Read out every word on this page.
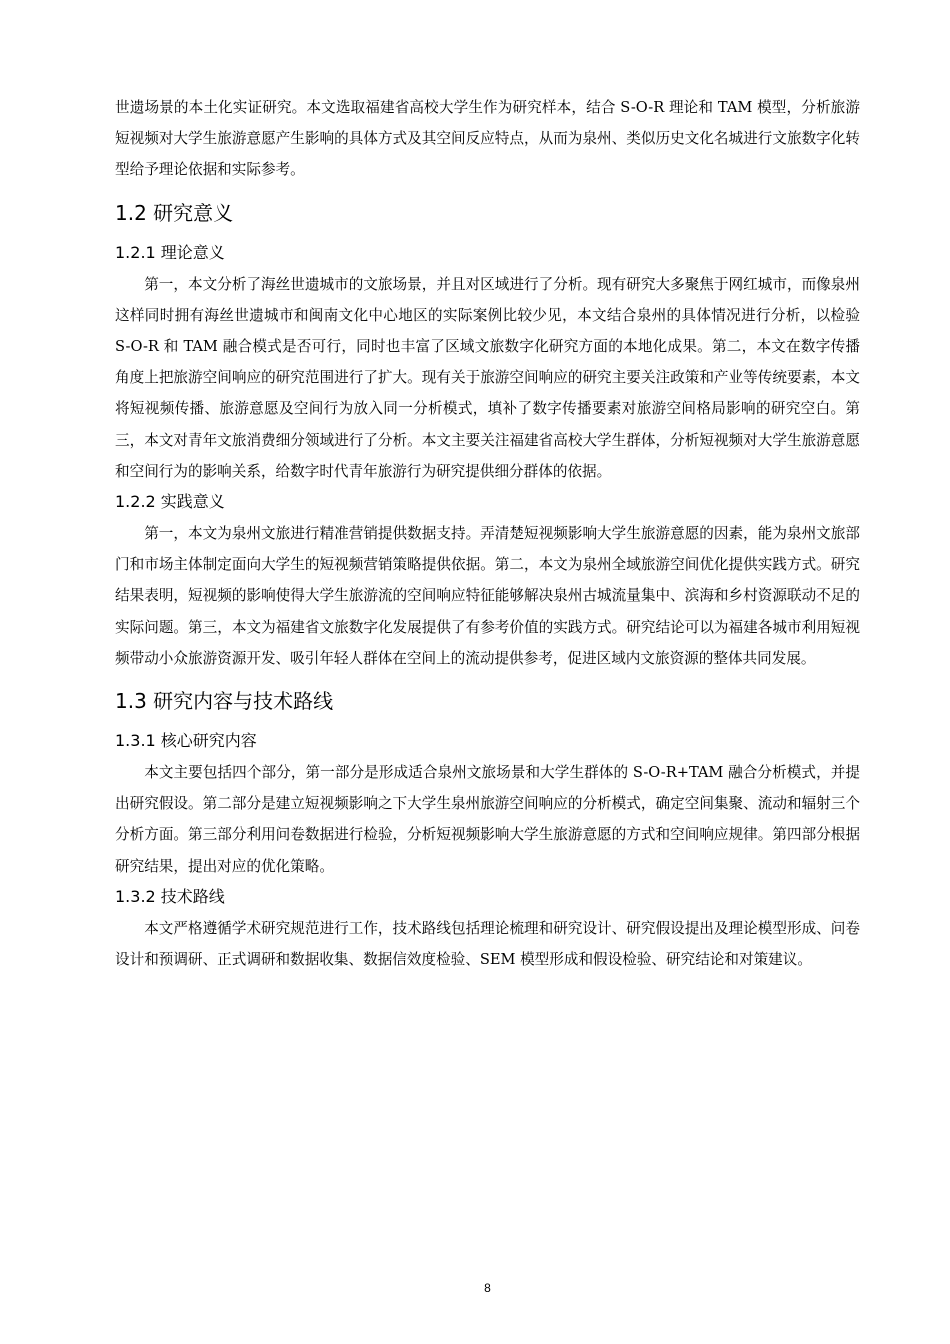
世遗场景的本土化实证研究。本文选取福建省高校大学生作为研究样本，结合 S-O-R 理论和 TAM 模型，分析旅游短视频对大学生旅游意愿产生影响的具体方式及其空间反应特点，从而为泉州、类似历史文化名城进行文旅数字化转型给予理论依据和实际参考。

1.2 研究意义
1.2.1 理论意义

第一，本文分析了海丝世遗城市的文旅场景，并且对区域进行了分析。现有研究大多聚焦于网红城市，而像泉州这样同时拥有海丝世遗城市和闽南文化中心地区的实际案例比较少见，本文结合泉州的具体情况进行分析，以检验 S-O-R 和 TAM 融合模式是否可行，同时也丰富了区域文旅数字化研究方面的本地化成果。第二，本文在数字传播角度上把旅游空间响应的研究范围进行了扩大。现有关于旅游空间响应的研究主要关注政策和产业等传统要素，本文将短视频传播、旅游意愿及空间行为放入同一分析模式，填补了数字传播要素对旅游空间格局影响的研究空白。第三，本文对青年文旅消费细分领域进行了分析。本文主要关注福建省高校大学生群体，分析短视频对大学生旅游意愿和空间行为的影响关系，给数字时代青年旅游行为研究提供细分群体的依据。

1.2.2 实践意义

第一，本文为泉州文旅进行精准营销提供数据支持。弄清楚短视频影响大学生旅游意愿的因素，能为泉州文旅部门和市场主体制定面向大学生的短视频营销策略提供依据。第二，本文为泉州全域旅游空间优化提供实践方式。研究结果表明，短视频的影响使得大学生旅游流的空间响应特征能够解决泉州古城流量集中、滨海和乡村资源联动不足的实际问题。第三，本文为福建省文旅数字化发展提供了有参考价值的实践方式。研究结论可以为福建各城市利用短视频带动小众旅游资源开发、吸引年轻人群体在空间上的流动提供参考，促进区域内文旅资源的整体共同发展。

1.3 研究内容与技术路线
1.3.1 核心研究内容

本文主要包括四个部分，第一部分是形成适合泉州文旅场景和大学生群体的 S-O-R+TAM 融合分析模式，并提出研究假设。第二部分是建立短视频影响之下大学生泉州旅游空间响应的分析模式，确定空间集聚、流动和辐射三个分析方面。第三部分利用问卷数据进行检验，分析短视频影响大学生旅游意愿的方式和空间响应规律。第四部分根据研究结果，提出对应的优化策略。

1.3.2 技术路线

本文严格遵循学术研究规范进行工作，技术路线包括理论梳理和研究设计、研究假设提出及理论模型形成、问卷设计和预调研、正式调研和数据收集、数据信效度检验、SEM 模型形成和假设检验、研究结论和对策建议。

8
